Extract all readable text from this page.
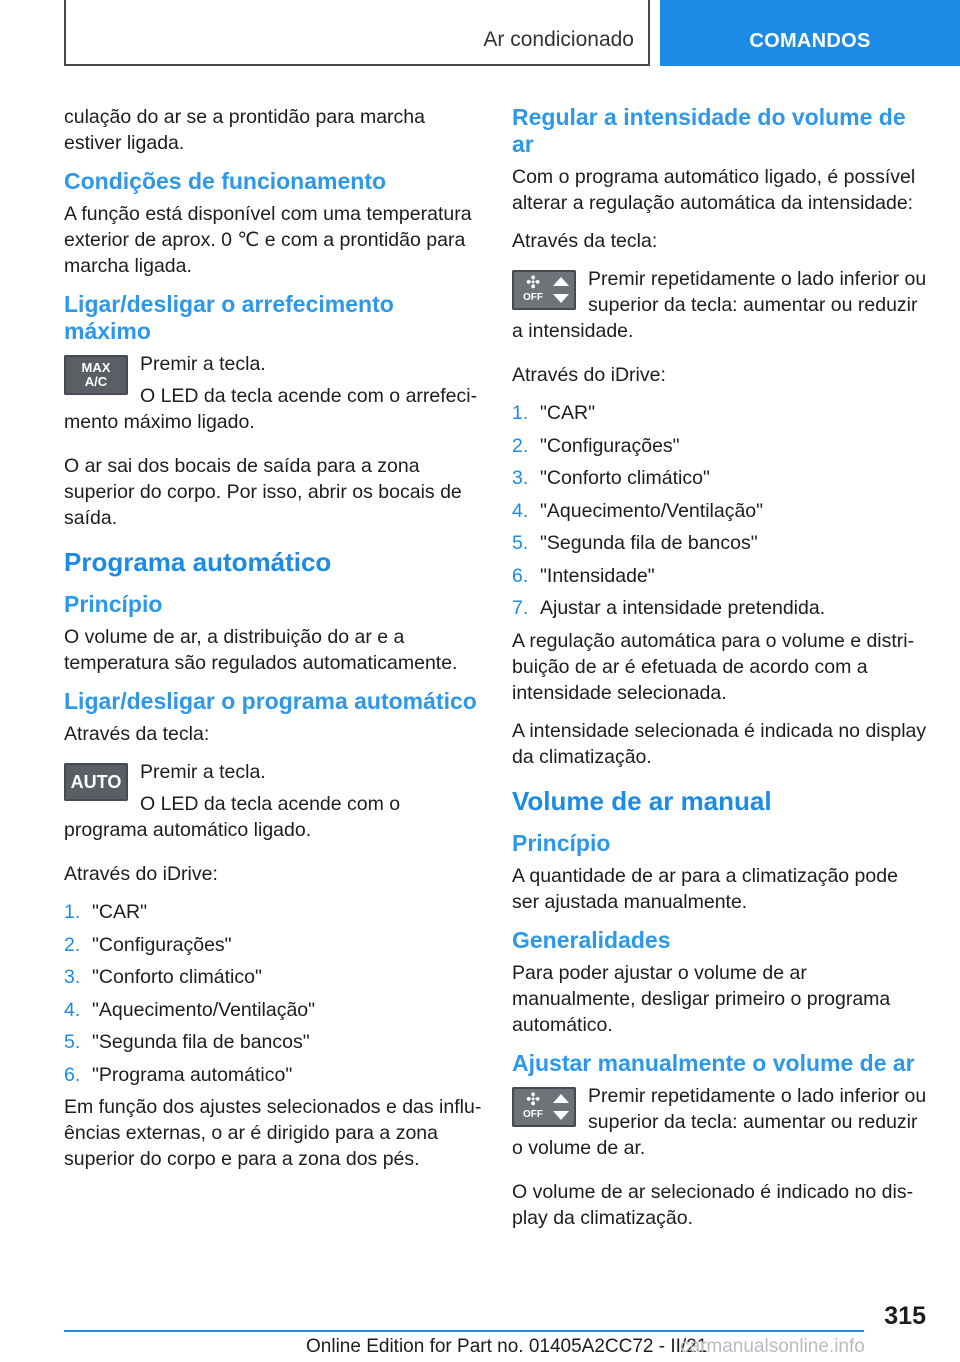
Ar condicionado	COMANDOS

culação do ar se a prontidão para marcha estiver ligada.

Condições de funcionamento

A função está disponível com uma temperatura exterior de aprox. 0 ℃ e com a prontidão para marcha ligada.

Ligar/desligar o arrefecimento máximo
MAX A/C

Premir a tecla.

O LED da tecla acende com o arrefecimento máximo ligado.

O ar sai dos bocais de saída para a zona superior do corpo. Por isso, abrir os bocais de saída.

Programa automático
Princípio

O volume de ar, a distribuição do ar e a temperatura são regulados automaticamente.

Ligar/desligar o programa automático

Através da tecla:

AUTO Premir a tecla.

O LED da tecla acende com o programa automático ligado.

Através do iDrive:

1. "CAR"
2. "Configurações"
3. "Conforto climático"
4. "Aquecimento/Ventilação"
5. "Segunda fila de bancos"
6. "Programa automático"

Em função dos ajustes selecionados e das influências externas, o ar é dirigido para a zona superior do corpo e para a zona dos pés.

Regular a intensidade do volume de ar

Com o programa automático ligado, é possível alterar a regulação automática da intensidade:

Através da tecla:

✣
OFF

Premir repetidamente o lado inferior ou superior da tecla: aumentar ou reduzir a intensidade.

Através do iDrive:

1. "CAR"
2. "Configurações"
3. "Conforto climático"
4. "Aquecimento/Ventilação"
5. "Segunda fila de bancos"
6. "Intensidade"
7. Ajustar a intensidade pretendida.

A regulação automática para o volume e distribuição de ar é efetuada de acordo com a intensidade selecionada.

A intensidade selecionada é indicada no display da climatização.

Volume de ar manual
Princípio

A quantidade de ar para a climatização pode ser ajustada manualmente.

Generalidades

Para poder ajustar o volume de ar manualmente, desligar primeiro o programa automático.

Ajustar manualmente o volume de ar
✣
OFF

Premir repetidamente o lado inferior ou superior da tecla: aumentar ou reduzir o volume de ar.

O volume de ar selecionado é indicado no display da climatização.

315
Online Edition for Part no. 01405A2CC72 - II/21
carmanualsonline.info
